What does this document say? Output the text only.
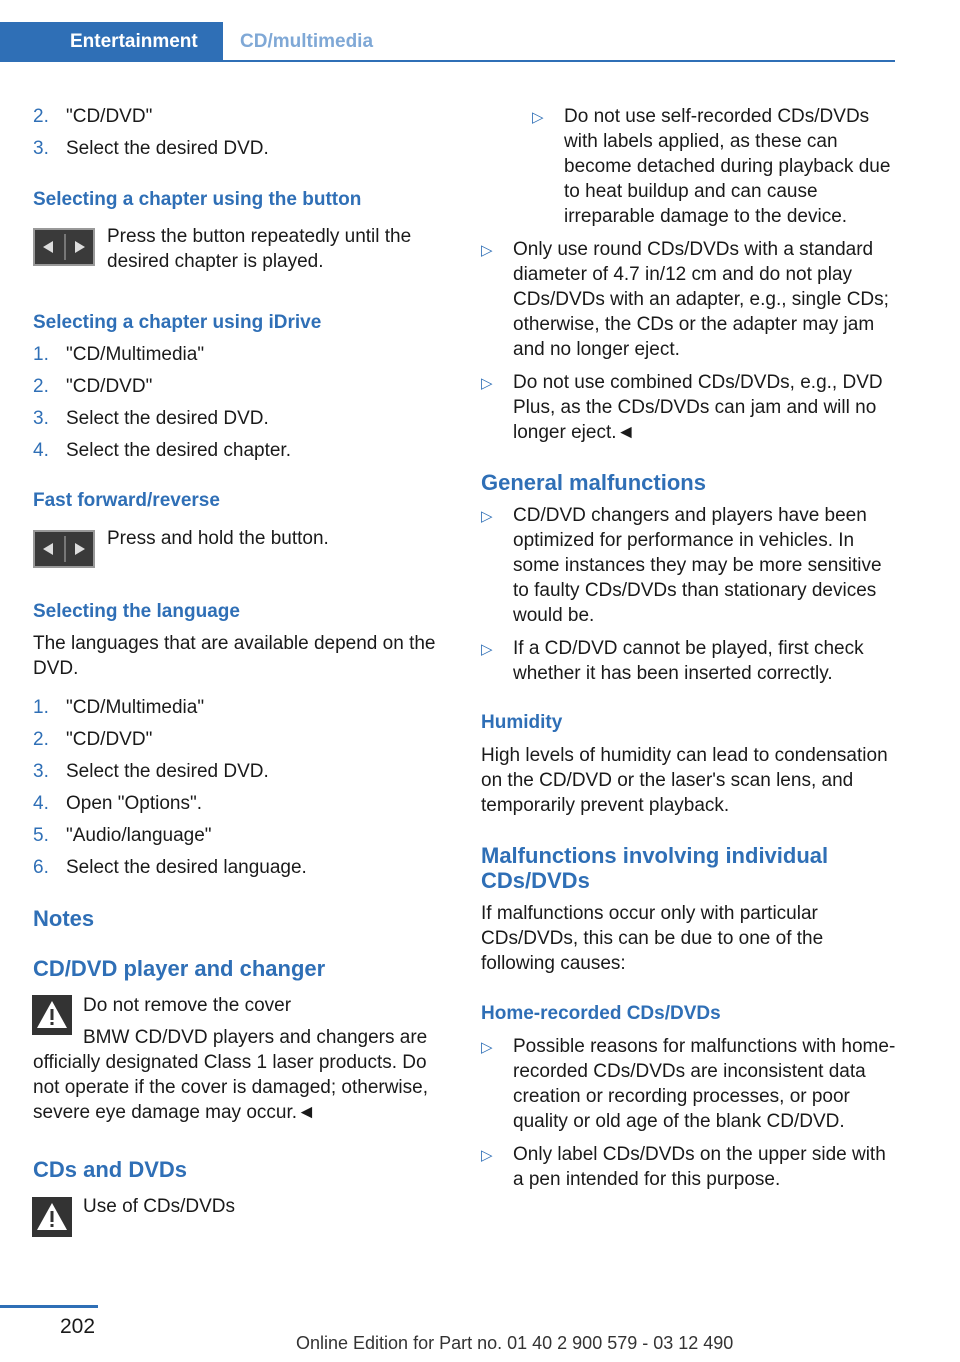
Entertainment	CD/multimedia
2. "CD/DVD"
3. Select the desired DVD.
Selecting a chapter using the button
Press the button repeatedly until the desired chapter is played.
Selecting a chapter using iDrive
1. "CD/Multimedia"
2. "CD/DVD"
3. Select the desired DVD.
4. Select the desired chapter.
Fast forward/reverse
Press and hold the button.
Selecting the language
The languages that are available depend on the DVD.
1. "CD/Multimedia"
2. "CD/DVD"
3. Select the desired DVD.
4. Open "Options".
5. "Audio/language"
6. Select the desired language.
Notes
CD/DVD player and changer
Do not remove the cover
BMW CD/DVD players and changers are
officially designated Class 1 laser products. Do not operate if the cover is damaged; otherwise, severe eye damage may occur.◄
CDs and DVDs
Use of CDs/DVDs
▷ Do not use self-recorded CDs/DVDs with labels applied, as these can become detached during playback due to heat buildup and can cause irreparable damage to the device.
▷ Only use round CDs/DVDs with a standard diameter of 4.7 in/12 cm and do not play CDs/DVDs with an adapter, e.g., single CDs; otherwise, the CDs or the adapter may jam and no longer eject.
▷ Do not use combined CDs/DVDs, e.g., DVD Plus, as the CDs/DVDs can jam and will no longer eject.◄
General malfunctions
▷ CD/DVD changers and players have been optimized for performance in vehicles. In some instances they may be more sensitive to faulty CDs/DVDs than stationary devices would be.
▷ If a CD/DVD cannot be played, first check whether it has been inserted correctly.
Humidity
High levels of humidity can lead to condensation on the CD/DVD or the laser's scan lens, and temporarily prevent playback.
Malfunctions involving individual CDs/DVDs
If malfunctions occur only with particular CDs/DVDs, this can be due to one of the following causes:
Home-recorded CDs/DVDs
▷ Possible reasons for malfunctions with home-recorded CDs/DVDs are inconsistent data creation or recording processes, or poor quality or old age of the blank CD/DVD.
▷ Only label CDs/DVDs on the upper side with a pen intended for this purpose.
202
Online Edition for Part no. 01 40 2 900 579 - 03 12 490
